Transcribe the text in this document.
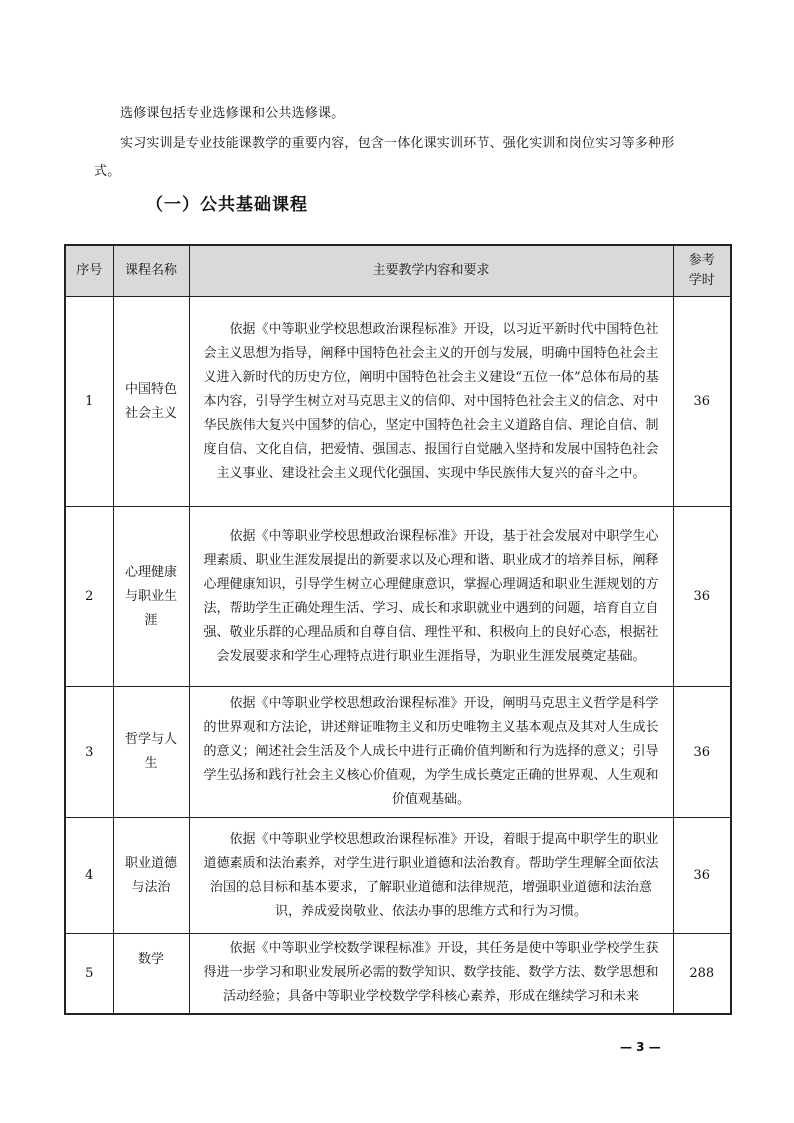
选修课包括专业选修课和公共选修课。
实习实训是专业技能课教学的重要内容，包含一体化课实训环节、强化实训和岗位实习等多种形式。
（一）公共基础课程
序号	课程名称	主要教学内容和要求	参考学时
1	中国特色社会主义	依据《中等职业学校思想政治课程标准》开设，以习近平新时代中国特色社会主义思想为指导，阐释中国特色社会主义的开创与发展，明确中国特色社会主义进入新时代的历史方位，阐明中国特色社会主义建设“五位一体”总体布局的基本内容，引导学生树立对马克思主义的信仰、对中国特色社会主义的信念、对中华民族伟大复兴中国梦的信心，坚定中国特色社会主义道路自信、理论自信、制度自信、文化自信，把爱情、强国志、报国行自觉融入坚持和发展中国特色社会主义事业、建设社会主义现代化强国、实现中华民族伟大复兴的奋斗之中。	36
2	心理健康与职业生涯	依据《中等职业学校思想政治课程标准》开设，基于社会发展对中职学生心理素质、职业生涯发展提出的新要求以及心理和谐、职业成才的培养目标，阐释心理健康知识，引导学生树立心理健康意识，掌握心理调适和职业生涯规划的方法，帮助学生正确处理生活、学习、成长和求职就业中遇到的问题，培育自立自强、敬业乐群的心理品质和自尊自信、理性平和、积极向上的良好心态，根据社会发展要求和学生心理特点进行职业生涯指导，为职业生涯发展奠定基础。	36
3	哲学与人生	依据《中等职业学校思想政治课程标准》开设，阐明马克思主义哲学是科学的世界观和方法论，讲述辩证唯物主义和历史唯物主义基本观点及其对人生成长的意义；阐述社会生活及个人成长中进行正确价值判断和行为选择的意义；引导学生弘扬和践行社会主义核心价值观，为学生成长奠定正确的世界观、人生观和价值观基础。	36
4	职业道德与法治	依据《中等职业学校思想政治课程标准》开设，着眼于提高中职学生的职业道德素质和法治素养，对学生进行职业道德和法治教育。帮助学生理解全面依法治国的总目标和基本要求，了解职业道德和法律规范，增强职业道德和法治意识，养成爱岗敬业、依法办事的思维方式和行为习惯。	36
5	数学	依据《中等职业学校数学课程标准》开设，其任务是使中等职业学校学生获得进一步学习和职业发展所必需的数学知识、数学技能、数学方法、数学思想和活动经验；具备中等职业学校数学学科核心素养，形成在继续学习和未来	288
— 3 —
